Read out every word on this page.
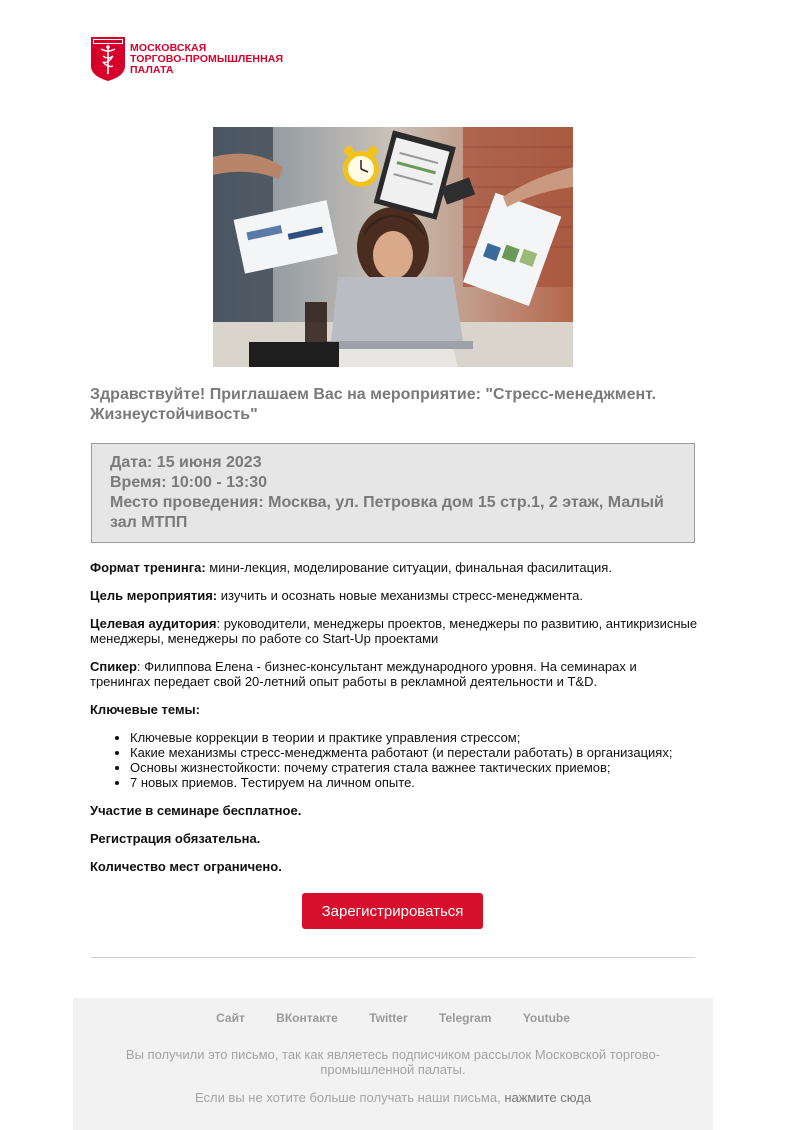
МОСКОВСКАЯ
ТОРГОВО-ПРОМЫШЛЕННАЯ
ПАЛАТА
Здравствуйте! Приглашаем Вас на мероприятие: "Стресс-менеджмент. Жизнеустойчивость"
Дата: 15 июня 2023
Время: 10:00 - 13:30
Место проведения: Москва, ул. Петровка дом 15 стр.1, 2 этаж, Малый зал МТПП

Формат тренинга: мини-лекция, моделирование ситуации, финальная фасилитация.

Цель мероприятия: изучить и осознать новые механизмы стресс-менеджмента.

Целевая аудитория: руководители, менеджеры проектов, менеджеры по развитию, антикризисные менеджеры, менеджеры по работе со Start-Up проектами

Спикер: Филиппова Елена - бизнес-консультант международного уровня. На семинарах и тренингах передает свой 20-летний опыт работы в рекламной деятельности и T&D.

Ключевые темы:

• Ключевые коррекции в теории и практике управления стрессом;
• Какие механизмы стресс-менеджмента работают (и перестали работать) в организациях;
• Основы жизнестойкости: почему стратегия стала важнее тактических приемов;
• 7 новых приемов. Тестируем на личном опыте.

Участие в семинаре бесплатное.

Регистрация обязательна.

Количество мест ограничено.

Зарегистрироваться
Сайт	ВКонтакте	Twitter	Telegram	Youtube
Вы получили это письмо, так как являетесь подписчиком рассылок Московской торгово-промышленной палаты.
Если вы не хотите больше получать наши письма, нажмите сюда
